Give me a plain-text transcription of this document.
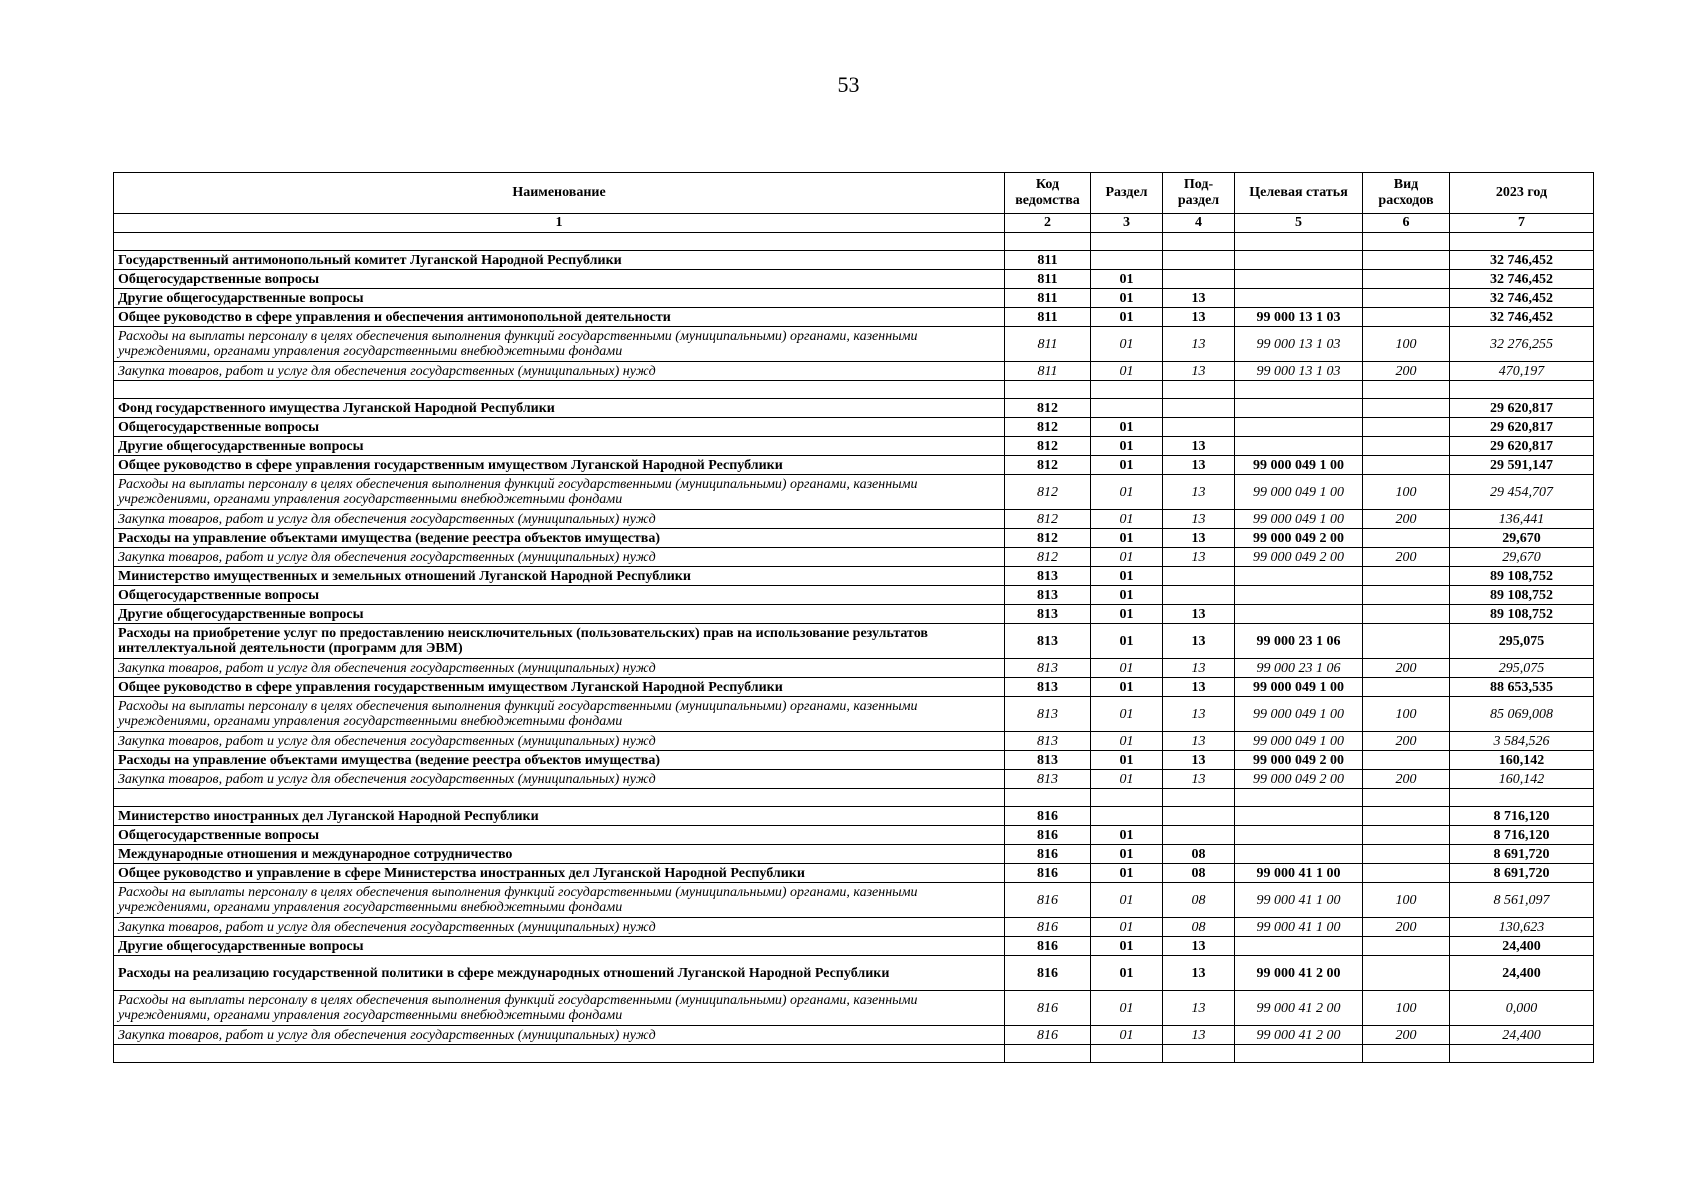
53
Наименование	Код ведомства	Раздел	Под-раздел	Целевая статья	Вид расходов	2023 год
1	2	3	4	5	6	7

Государственный антимонопольный комитет Луганской Народной Республики	811					32 746,452
Общегосударственные вопросы	811	01				32 746,452
Другие общегосударственные вопросы	811	01	13			32 746,452
Общее руководство в сфере управления и обеспечения антимонопольной деятельности	811	01	13	99 000 13 1 03		32 746,452
Расходы на выплаты персоналу в целях обеспечения выполнения функций государственными (муниципальными) органами, казенными учреждениями, органами управления государственными внебюджетными фондами	811	01	13	99 000 13 1 03	100	32 276,255
Закупка товаров, работ и услуг для обеспечения государственных (муниципальных) нужд	811	01	13	99 000 13 1 03	200	470,197

Фонд государственного имущества Луганской Народной Республики	812					29 620,817
Общегосударственные вопросы	812	01				29 620,817
Другие общегосударственные вопросы	812	01	13			29 620,817
Общее руководство в сфере управления государственным имуществом Луганской Народной Республики	812	01	13	99 000 049 1 00		29 591,147
Расходы на выплаты персоналу в целях обеспечения выполнения функций государственными (муниципальными) органами, казенными учреждениями, органами управления государственными внебюджетными фондами	812	01	13	99 000 049 1 00	100	29 454,707
Закупка товаров, работ и услуг для обеспечения государственных (муниципальных) нужд	812	01	13	99 000 049 1 00	200	136,441
Расходы на управление объектами имущества (ведение реестра объектов имущества)	812	01	13	99 000 049 2 00		29,670
Закупка товаров, работ и услуг для обеспечения государственных (муниципальных) нужд	812	01	13	99 000 049 2 00	200	29,670
Министерство имущественных и земельных отношений Луганской Народной Республики	813	01				89 108,752
Общегосударственные вопросы	813	01				89 108,752
Другие общегосударственные вопросы	813	01	13			89 108,752
Расходы на приобретение услуг по предоставлению неисключительных (пользовательских) прав на использование результатов интеллектуальной деятельности (программ для ЭВМ)	813	01	13	99 000 23 1 06		295,075
Закупка товаров, работ и услуг для обеспечения государственных (муниципальных) нужд	813	01	13	99 000 23 1 06	200	295,075
Общее руководство в сфере управления государственным имуществом Луганской Народной Республики	813	01	13	99 000 049 1 00		88 653,535
Расходы на выплаты персоналу в целях обеспечения выполнения функций государственными (муниципальными) органами, казенными учреждениями, органами управления государственными внебюджетными фондами	813	01	13	99 000 049 1 00	100	85 069,008
Закупка товаров, работ и услуг для обеспечения государственных (муниципальных) нужд	813	01	13	99 000 049 1 00	200	3 584,526
Расходы на управление объектами имущества (ведение реестра объектов имущества)	813	01	13	99 000 049 2 00		160,142
Закупка товаров, работ и услуг для обеспечения государственных (муниципальных) нужд	813	01	13	99 000 049 2 00	200	160,142

Министерство иностранных дел Луганской Народной Республики	816					8 716,120
Общегосударственные вопросы	816	01				8 716,120
Международные отношения и международное сотрудничество	816	01	08			8 691,720
Общее руководство и управление в сфере Министерства иностранных дел Луганской Народной Республики	816	01	08	99 000 41 1 00		8 691,720
Расходы на выплаты персоналу в целях обеспечения выполнения функций государственными (муниципальными) органами, казенными учреждениями, органами управления государственными внебюджетными фондами	816	01	08	99 000 41 1 00	100	8 561,097
Закупка товаров, работ и услуг для обеспечения государственных (муниципальных) нужд	816	01	08	99 000 41 1 00	200	130,623
Другие общегосударственные вопросы	816	01	13			24,400
Расходы на реализацию государственной политики в сфере международных отношений Луганской Народной Республики	816	01	13	99 000 41 2 00		24,400
Расходы на выплаты персоналу в целях обеспечения выполнения функций государственными (муниципальными) органами, казенными учреждениями, органами управления государственными внебюджетными фондами	816	01	13	99 000 41 2 00	100	0,000
Закупка товаров, работ и услуг для обеспечения государственных (муниципальных) нужд	816	01	13	99 000 41 2 00	200	24,400
